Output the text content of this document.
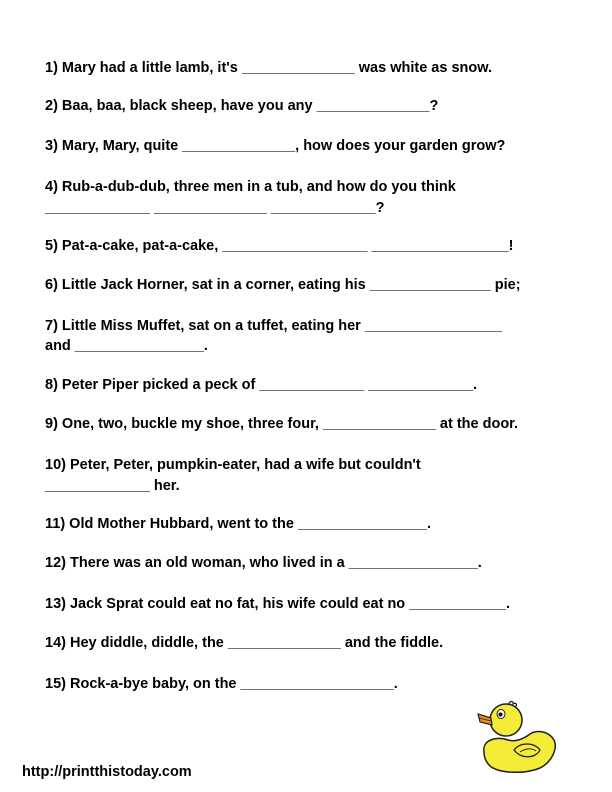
1) Mary had a little lamb, it's ______________ was white as snow.

2) Baa, baa, black sheep, have you any ______________?

3) Mary, Mary, quite ______________, how does your garden grow?

4) Rub-a-dub-dub, three men in a tub, and how do you think

_____________ ______________ _____________?

5) Pat-a-cake, pat-a-cake, __________________ _________________!

6) Little Jack Horner, sat in a corner, eating his _______________ pie;

7) Little Miss Muffet, sat on a tuffet, eating her _________________

and ________________.

8) Peter Piper picked a peck of _____________ _____________.

9) One, two, buckle my shoe, three four, ______________ at the door.

10) Peter, Peter, pumpkin-eater, had a wife but couldn't

_____________ her.

11) Old Mother Hubbard, went to the ________________.

12) There was an old woman, who lived in a ________________.

13) Jack Sprat could eat no fat, his wife could eat no ____________.

14) Hey diddle, diddle, the ______________ and the fiddle.

15) Rock-a-bye baby, on the ___________________.

http://printthistoday.com
